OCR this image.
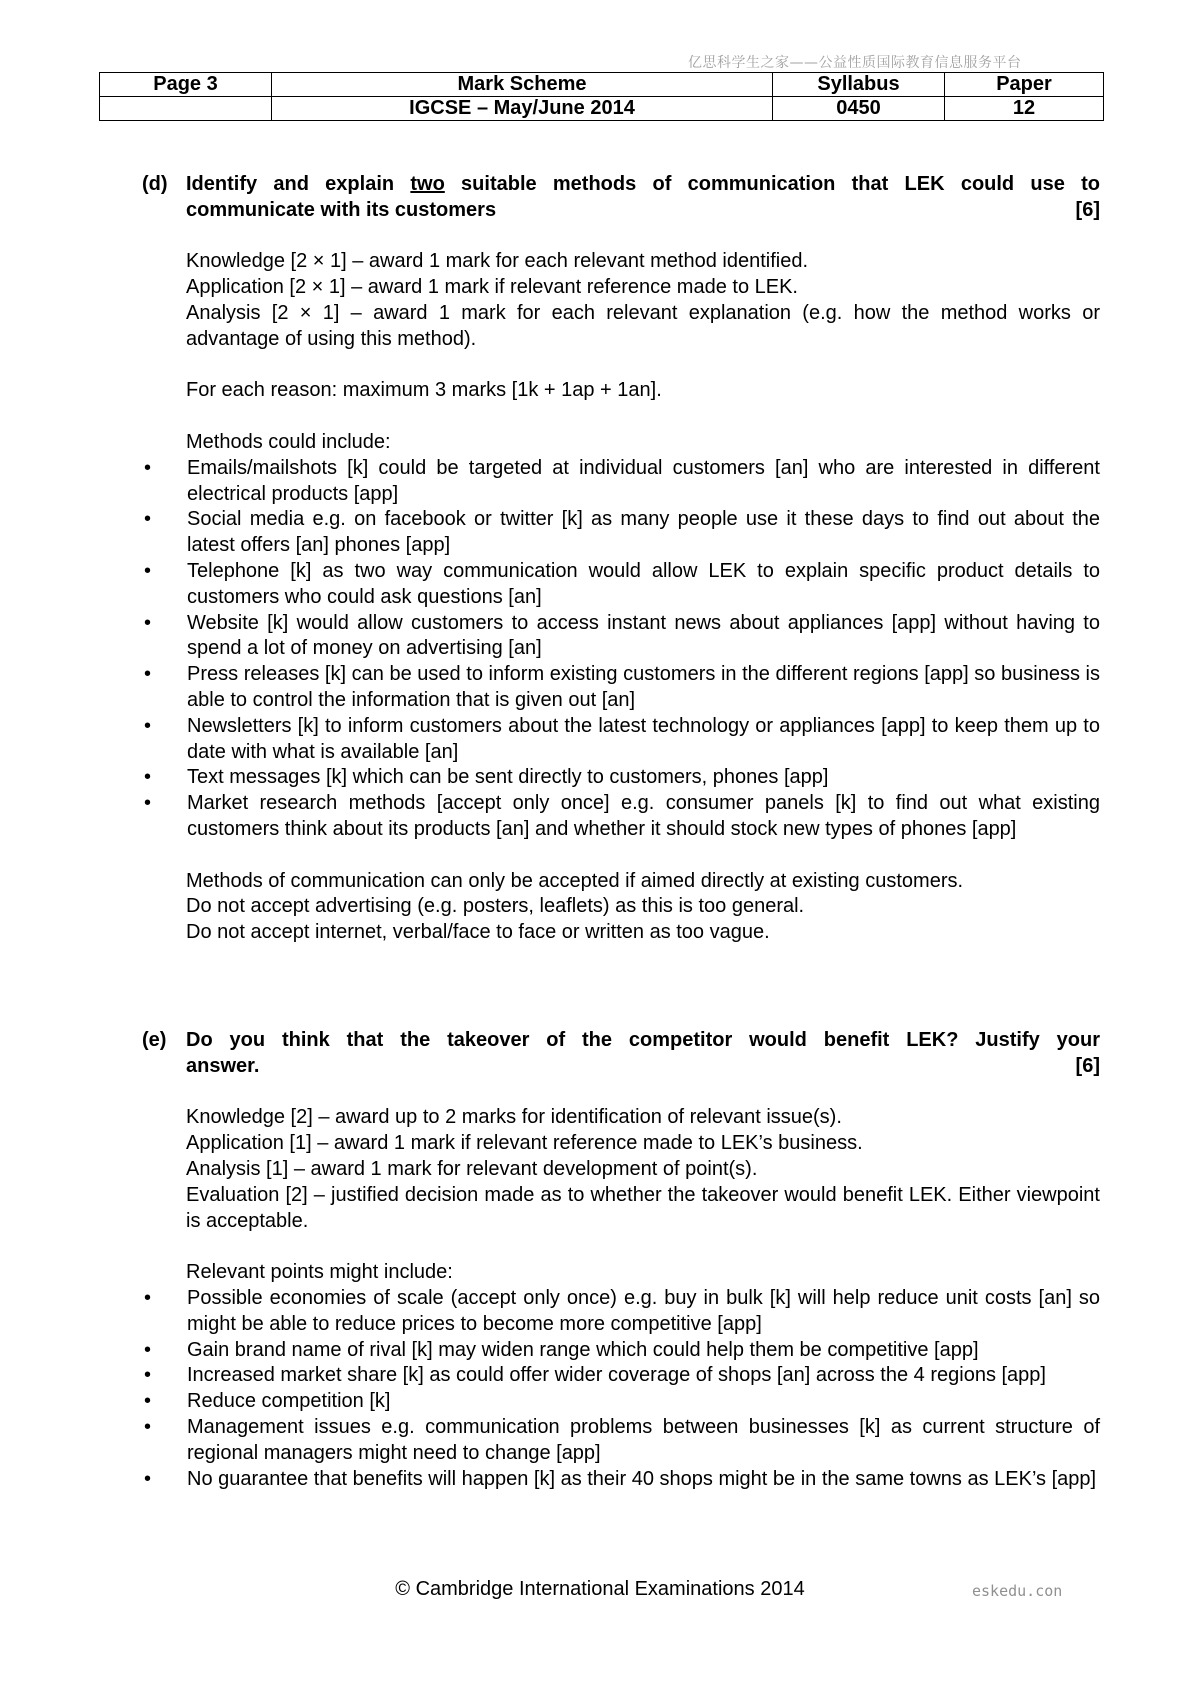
亿思科学生之家——公益性质国际教育信息服务平台
Page 3	Mark Scheme	Syllabus	Paper
	IGCSE – May/June 2014	0450	12
(d) Identify and explain two suitable methods of communication that LEK could use to
communicate with its customers	[6]

Knowledge [2 × 1] – award 1 mark for each relevant method identified.

Application [2 × 1] – award 1 mark if relevant reference made to LEK.

Analysis [2 × 1] – award 1 mark for each relevant explanation (e.g. how the method works or advantage of using this method).

For each reason: maximum 3 marks [1k + 1ap + 1an].

Methods could include:

•	Emails/mailshots [k] could be targeted at individual customers [an] who are interested in different electrical products [app]
•	Social media e.g. on facebook or twitter [k] as many people use it these days to find out about the latest offers [an] phones [app]
•	Telephone [k] as two way communication would allow LEK to explain specific product details to customers who could ask questions [an]
•	Website [k] would allow customers to access instant news about appliances [app] without having to spend a lot of money on advertising [an]
•	Press releases [k] can be used to inform existing customers in the different regions [app] so business is able to control the information that is given out [an]
•	Newsletters [k] to inform customers about the latest technology or appliances [app] to keep them up to date with what is available [an]
•	Text messages [k] which can be sent directly to customers, phones [app]
•	Market research methods [accept only once] e.g. consumer panels [k] to find out what existing customers think about its products [an] and whether it should stock new types of phones [app]

Methods of communication can only be accepted if aimed directly at existing customers.

Do not accept advertising (e.g. posters, leaflets) as this is too general.

Do not accept internet, verbal/face to face or written as too vague.

(e) Do you think that the takeover of the competitor would benefit LEK? Justify your
answer.	[6]

Knowledge [2] – award up to 2 marks for identification of relevant issue(s).

Application [1] – award 1 mark if relevant reference made to LEK’s business.

Analysis [1] – award 1 mark for relevant development of point(s).

Evaluation [2] – justified decision made as to whether the takeover would benefit LEK. Either viewpoint is acceptable.

Relevant points might include:

•	Possible economies of scale (accept only once) e.g. buy in bulk [k] will help reduce unit costs [an] so might be able to reduce prices to become more competitive [app]
•	Gain brand name of rival [k] may widen range which could help them be competitive [app]
•	Increased market share [k] as could offer wider coverage of shops [an] across the 4 regions [app]
•	Reduce competition [k]
•	Management issues e.g. communication problems between businesses [k] as current structure of regional managers might need to change [app]
•	No guarantee that benefits will happen [k] as their 40 shops might be in the same towns as LEK’s [app]
© Cambridge International Examinations 2014	eskedu.con
